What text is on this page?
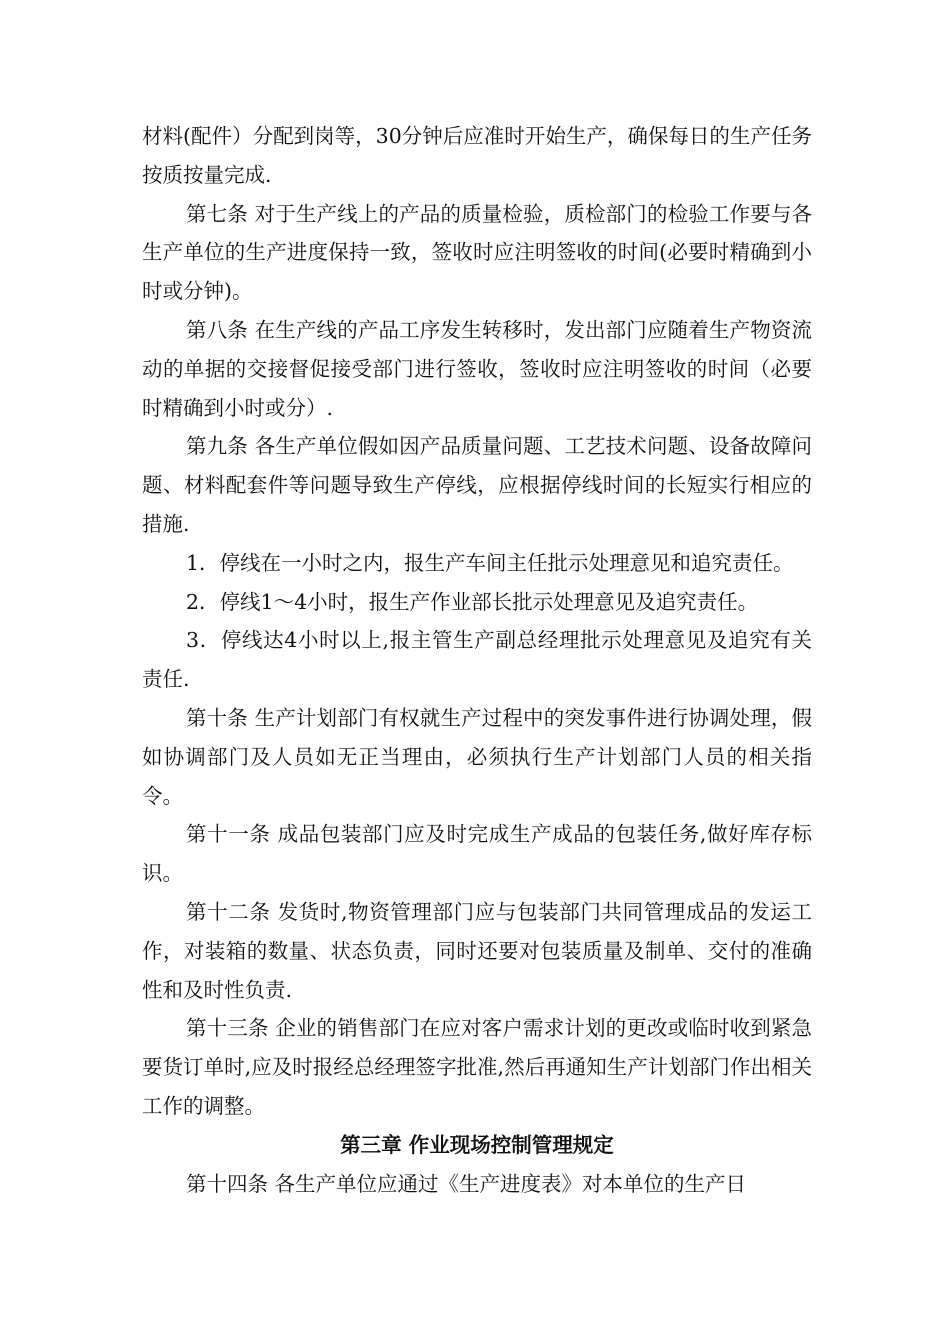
材料(配件）分配到岗等，30分钟后应准时开始生产，确保每日的生产任务按质按量完成.

第七条 对于生产线上的产品的质量检验，质检部门的检验工作要与各生产单位的生产进度保持一致，签收时应注明签收的时间(必要时精确到小时或分钟)。

第八条 在生产线的产品工序发生转移时，发出部门应随着生产物资流动的单据的交接督促接受部门进行签收，签收时应注明签收的时间（必要时精确到小时或分）.

第九条 各生产单位假如因产品质量问题、工艺技术问题、设备故障问题、材料配套件等问题导致生产停线，应根据停线时间的长短实行相应的措施.

1．停线在一小时之内，报生产车间主任批示处理意见和追究责任。

2．停线1～4小时，报生产作业部长批示处理意见及追究责任。

3．停线达4小时以上,报主管生产副总经理批示处理意见及追究有关责任.

第十条 生产计划部门有权就生产过程中的突发事件进行协调处理，假如协调部门及人员如无正当理由，必须执行生产计划部门人员的相关指令。

第十一条 成品包装部门应及时完成生产成品的包装任务,做好库存标识。

第十二条 发货时,物资管理部门应与包装部门共同管理成品的发运工作，对装箱的数量、状态负责，同时还要对包装质量及制单、交付的准确性和及时性负责.

第十三条 企业的销售部门在应对客户需求计划的更改或临时收到紧急要货订单时,应及时报经总经理签字批准,然后再通知生产计划部门作出相关工作的调整。

第三章 作业现场控制管理规定

第十四条 各生产单位应通过《生产进度表》对本单位的生产日
